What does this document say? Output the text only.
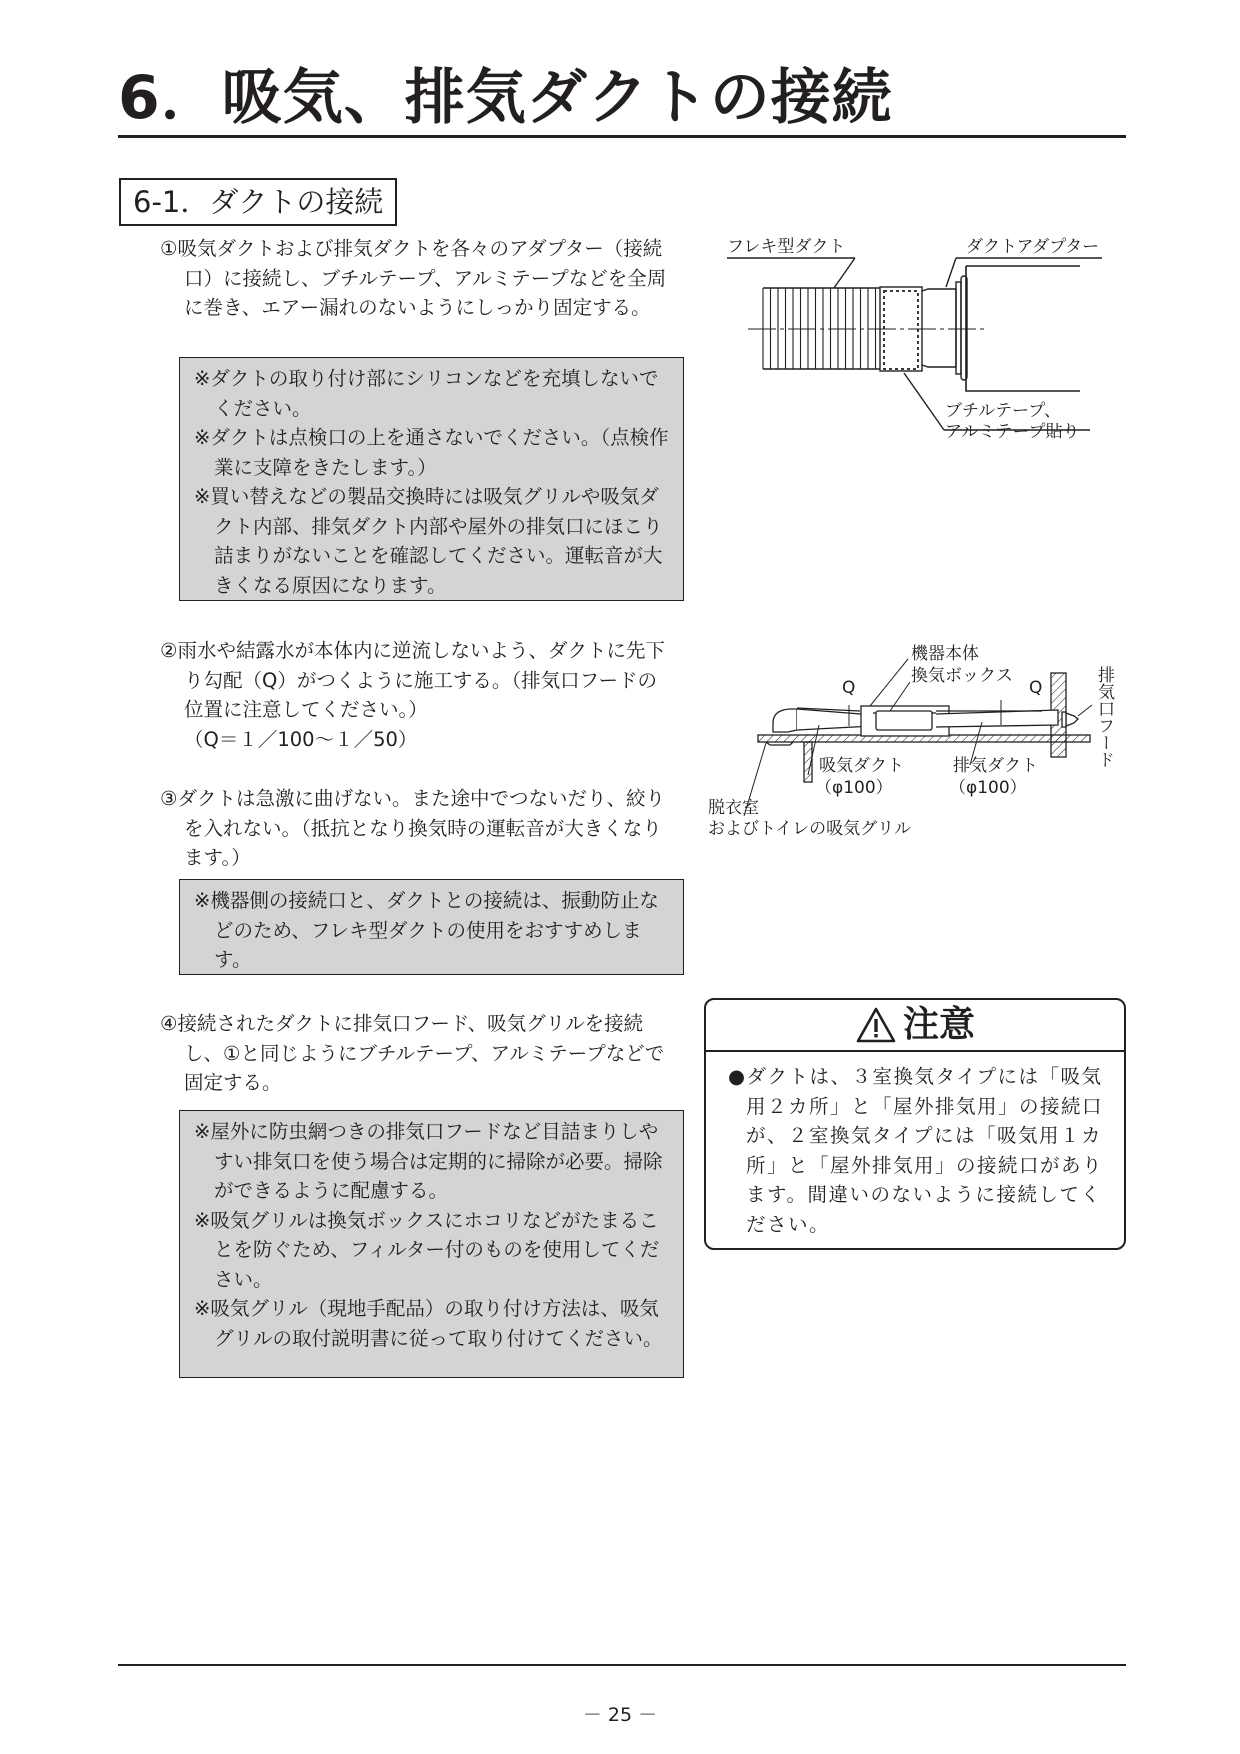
6．吸気、排気ダクトの接続
6-1．ダクトの接続
①吸気ダクトおよび排気ダクトを各々のアダプター（接続口）に接続し、ブチルテープ、アルミテープなどを全周に巻き、エアー漏れのないようにしっかり固定する。
※ダクトの取り付け部にシリコンなどを充填しないでください。
※ダクトは点検口の上を通さないでください。（点検作業に支障をきたします。）
※買い替えなどの製品交換時には吸気グリルや吸気ダクト内部、排気ダクト内部や屋外の排気口にほこり詰まりがないことを確認してください。運転音が大きくなる原因になります。
②雨水や結露水が本体内に逆流しないよう、ダクトに先下り勾配（Q）がつくように施工する。（排気口フードの位置に注意してください。）
（Q＝１／100～１／50）
③ダクトは急激に曲げない。また途中でつないだり、絞りを入れない。（抵抗となり換気時の運転音が大きくなります。）
※機器側の接続口と、ダクトとの接続は、振動防止などのため、フレキ型ダクトの使用をおすすめします。
④接続されたダクトに排気口フード、吸気グリルを接続し、①と同じようにブチルテープ、アルミテープなどで固定する。
※屋外に防虫網つきの排気口フードなど目詰まりしやすい排気口を使う場合は定期的に掃除が必要。掃除ができるように配慮する。
※吸気グリルは換気ボックスにホコリなどがたまることを防ぐため、フィルター付のものを使用してください。
※吸気グリル（現地手配品）の取り付け方法は、吸気グリルの取付説明書に従って取り付けてください。
フレキ型ダクト	ダクトアダプター
ブチルテープ、
アルミテープ貼り
機器本体
換気ボックス
Q	Q	排気口フード
吸気ダクト
（φ100）
排気ダクト
（φ100）
脱衣室
およびトイレの吸気グリル
注意
●ダクトは、３室換気タイプには「吸気用２カ所」と「屋外排気用」の接続口が、２室換気タイプには「吸気用１カ所」と「屋外排気用」の接続口があります。間違いのないように接続してください。
－ 25 －
